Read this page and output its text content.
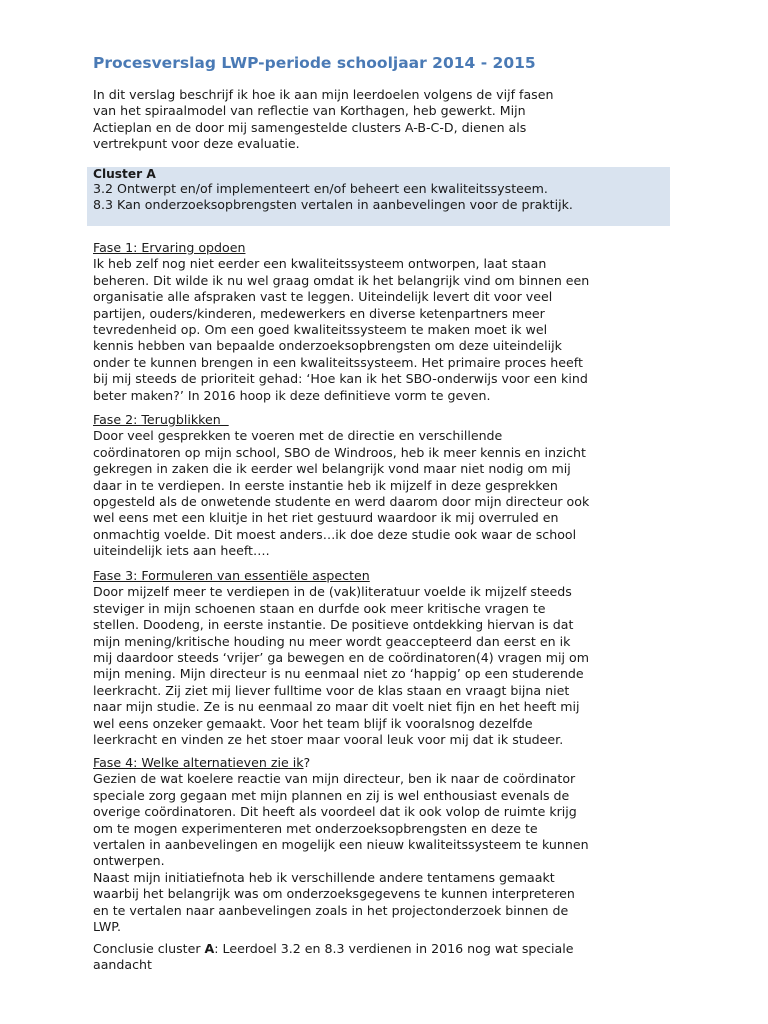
Procesverslag LWP-periode schooljaar 2014 - 2015
In dit verslag beschrijf ik hoe ik aan mijn leerdoelen volgens de vijf fasen
van het spiraalmodel van reflectie van Korthagen, heb gewerkt. Mijn
Actieplan en de door mij samengestelde clusters A-B-C-D, dienen als
vertrekpunt voor deze evaluatie.
Cluster A
3.2 Ontwerpt en/of implementeert en/of beheert een kwaliteitssysteem.
8.3 Kan onderzoeksopbrengsten vertalen in aanbevelingen voor de praktijk.
Fase 1: Ervaring opdoen
Ik heb zelf nog niet eerder een kwaliteitssysteem ontworpen, laat staan
beheren. Dit wilde ik nu wel graag omdat ik het belangrijk vind om binnen een
organisatie alle afspraken vast te leggen. Uiteindelijk levert dit voor veel
partijen, ouders/kinderen, medewerkers en diverse ketenpartners meer
tevredenheid op. Om een goed kwaliteitssysteem te maken moet ik wel
kennis hebben van bepaalde onderzoeksopbrengsten om deze uiteindelijk
onder te kunnen brengen in een kwaliteitssysteem. Het primaire proces heeft
bij mij steeds de prioriteit gehad: ‘Hoe kan ik het SBO-onderwijs voor een kind
beter maken?’ In 2016 hoop ik deze definitieve vorm te geven.
Fase 2: Terugblikken
Door veel gesprekken te voeren met de directie en verschillende
coördinatoren op mijn school, SBO de Windroos, heb ik meer kennis en inzicht
gekregen in zaken die ik eerder wel belangrijk vond maar niet nodig om mij
daar in te verdiepen. In eerste instantie heb ik mijzelf in deze gesprekken
opgesteld als de onwetende studente en werd daarom door mijn directeur ook
wel eens met een kluitje in het riet gestuurd waardoor ik mij overruled en
onmachtig voelde. Dit moest anders…ik doe deze studie ook waar de school
uiteindelijk iets aan heeft….
Fase 3: Formuleren van essentiële aspecten
Door mijzelf meer te verdiepen in de (vak)literatuur voelde ik mijzelf steeds
steviger in mijn schoenen staan en durfde ook meer kritische vragen te
stellen. Doodeng, in eerste instantie. De positieve ontdekking hiervan is dat
mijn mening/kritische houding nu meer wordt geaccepteerd dan eerst en ik
mij daardoor steeds ‘vrijer’ ga bewegen en de coördinatoren(4) vragen mij om
mijn mening. Mijn directeur is nu eenmaal niet zo ‘happig’ op een studerende
leerkracht. Zij ziet mij liever fulltime voor de klas staan en vraagt bijna niet
naar mijn studie. Ze is nu eenmaal zo maar dit voelt niet fijn en het heeft mij
wel eens onzeker gemaakt. Voor het team blijf ik vooralsnog dezelfde
leerkracht en vinden ze het stoer maar vooral leuk voor mij dat ik studeer.
Fase 4: Welke alternatieven zie ik?
Gezien de wat koelere reactie van mijn directeur, ben ik naar de coördinator
speciale zorg gegaan met mijn plannen en zij is wel enthousiast evenals de
overige coördinatoren. Dit heeft als voordeel dat ik ook volop de ruimte krijg
om te mogen experimenteren met onderzoeksopbrengsten en deze te
vertalen in aanbevelingen en mogelijk een nieuw kwaliteitssysteem te kunnen
ontwerpen.
Naast mijn initiatiefnota heb ik verschillende andere tentamens gemaakt
waarbij het belangrijk was om onderzoeksgegevens te kunnen interpreteren
en te vertalen naar aanbevelingen zoals in het projectonderzoek binnen de
LWP.
Conclusie cluster A: Leerdoel 3.2 en 8.3 verdienen in 2016 nog wat speciale
aandacht
